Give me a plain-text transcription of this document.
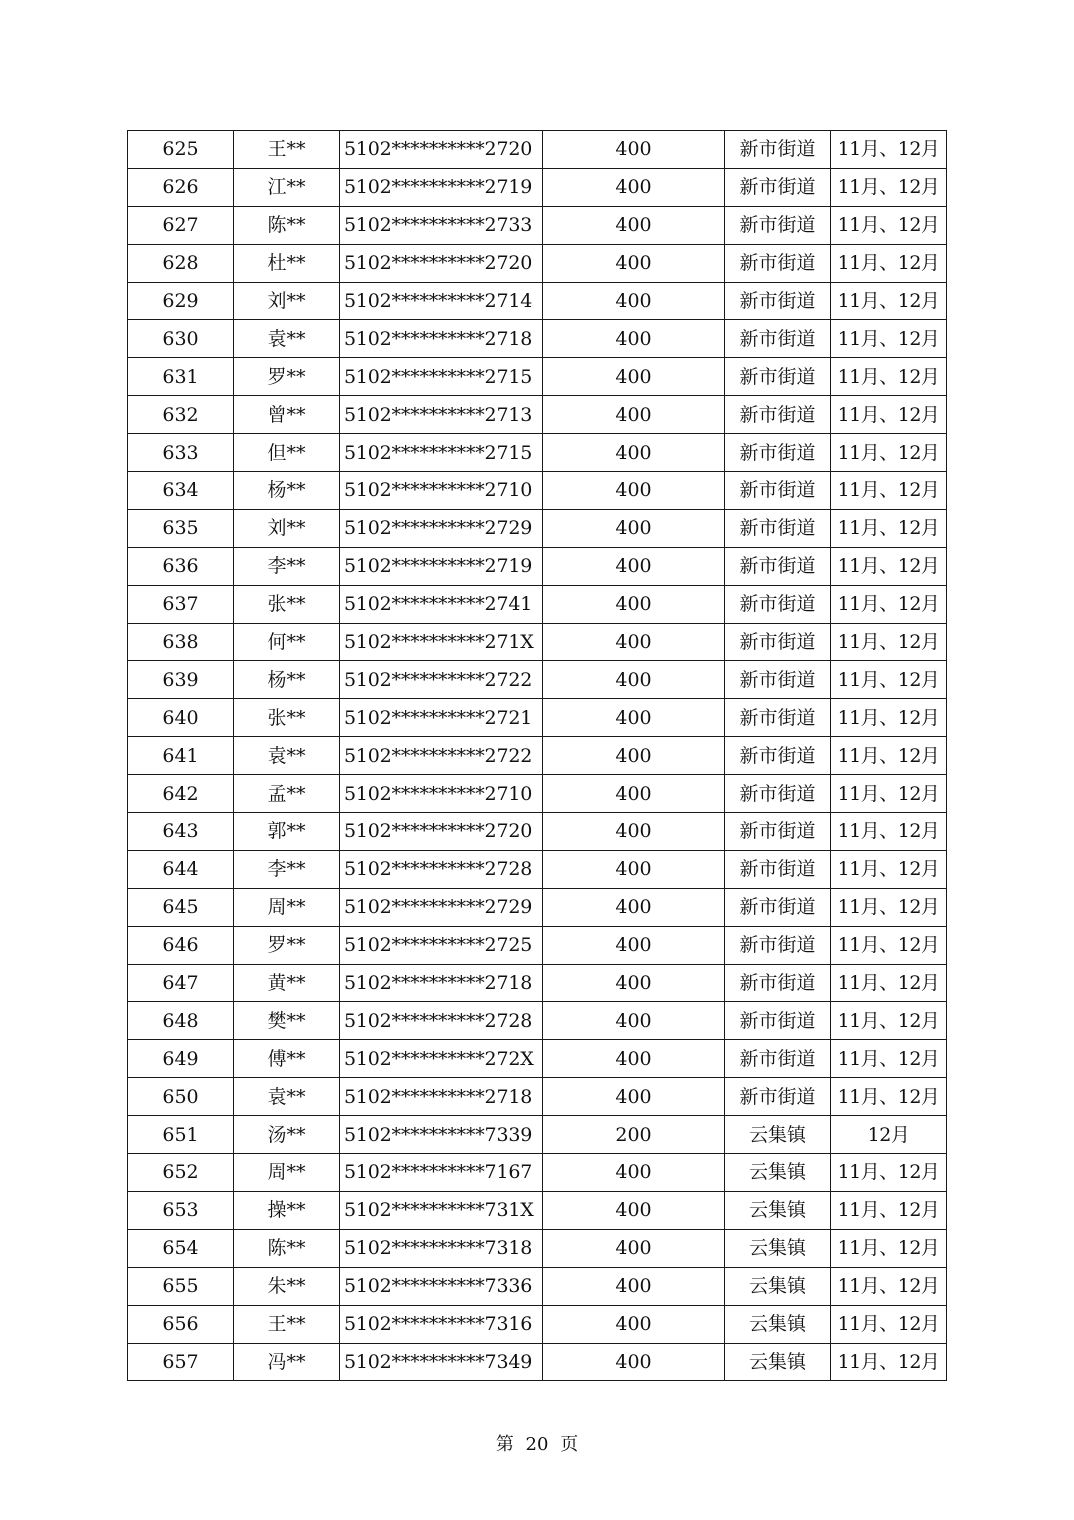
625	王**	5102**********2720	400	新市街道	11月、12月
626	江**	5102**********2719	400	新市街道	11月、12月
627	陈**	5102**********2733	400	新市街道	11月、12月
628	杜**	5102**********2720	400	新市街道	11月、12月
629	刘**	5102**********2714	400	新市街道	11月、12月
630	袁**	5102**********2718	400	新市街道	11月、12月
631	罗**	5102**********2715	400	新市街道	11月、12月
632	曾**	5102**********2713	400	新市街道	11月、12月
633	但**	5102**********2715	400	新市街道	11月、12月
634	杨**	5102**********2710	400	新市街道	11月、12月
635	刘**	5102**********2729	400	新市街道	11月、12月
636	李**	5102**********2719	400	新市街道	11月、12月
637	张**	5102**********2741	400	新市街道	11月、12月
638	何**	5102**********271X	400	新市街道	11月、12月
639	杨**	5102**********2722	400	新市街道	11月、12月
640	张**	5102**********2721	400	新市街道	11月、12月
641	袁**	5102**********2722	400	新市街道	11月、12月
642	孟**	5102**********2710	400	新市街道	11月、12月
643	郭**	5102**********2720	400	新市街道	11月、12月
644	李**	5102**********2728	400	新市街道	11月、12月
645	周**	5102**********2729	400	新市街道	11月、12月
646	罗**	5102**********2725	400	新市街道	11月、12月
647	黄**	5102**********2718	400	新市街道	11月、12月
648	樊**	5102**********2728	400	新市街道	11月、12月
649	傅**	5102**********272X	400	新市街道	11月、12月
650	袁**	5102**********2718	400	新市街道	11月、12月
651	汤**	5102**********7339	200	云集镇	12月
652	周**	5102**********7167	400	云集镇	11月、12月
653	操**	5102**********731X	400	云集镇	11月、12月
654	陈**	5102**********7318	400	云集镇	11月、12月
655	朱**	5102**********7336	400	云集镇	11月、12月
656	王**	5102**********7316	400	云集镇	11月、12月
657	冯**	5102**********7349	400	云集镇	11月、12月
第 20 页
